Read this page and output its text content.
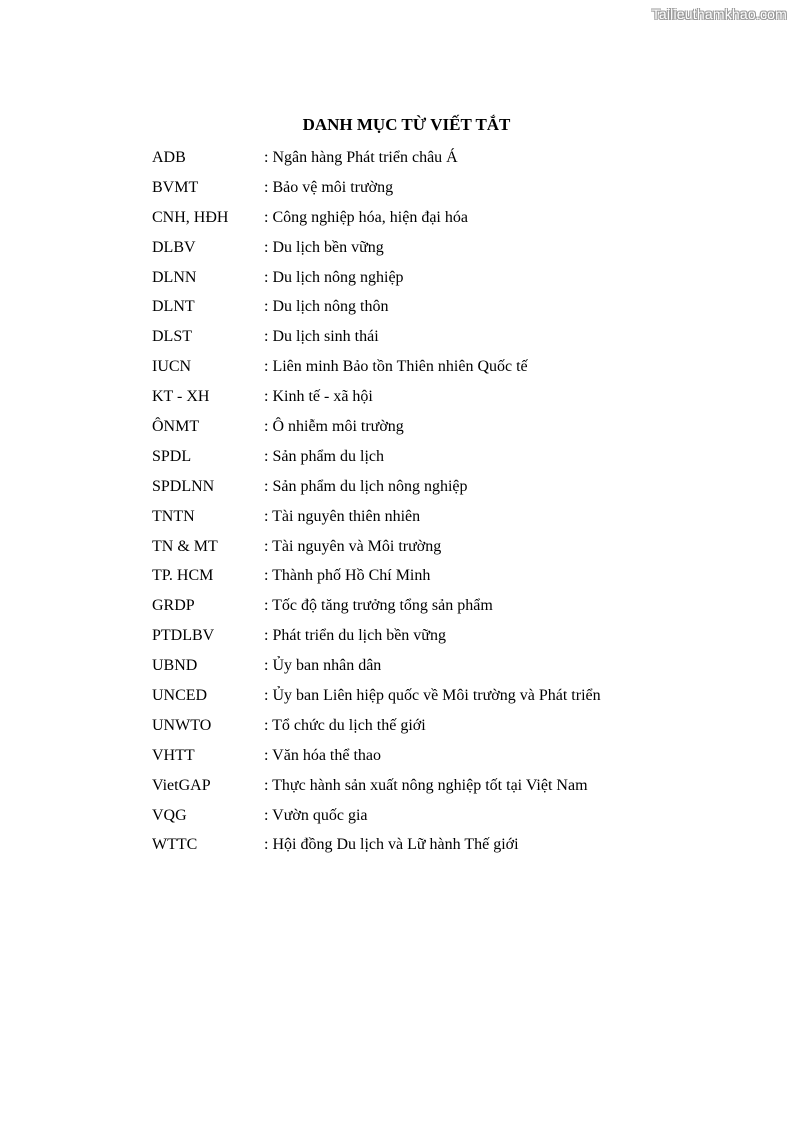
Tailieuthamkhao.com
DANH MỤC TỪ VIẾT TẮT
ADB	: Ngân hàng Phát triển châu Á
BVMT	: Bảo vệ môi trường
CNH, HĐH	: Công nghiệp hóa, hiện đại hóa
DLBV	: Du lịch bền vững
DLNN	: Du lịch nông nghiệp
DLNT	: Du lịch nông thôn
DLST	: Du lịch sinh thái
IUCN	: Liên minh Bảo tồn Thiên nhiên Quốc tế
KT - XH	: Kinh tế - xã hội
ÔNMT	: Ô nhiễm môi trường
SPDL	: Sản phẩm du lịch
SPDLNN	: Sản phẩm du lịch nông nghiệp
TNTN	: Tài nguyên thiên nhiên
TN & MT	: Tài nguyên và Môi trường
TP. HCM	: Thành phố Hồ Chí Minh
GRDP	: Tốc độ tăng trưởng tổng sản phẩm
PTDLBV	: Phát triển du lịch bền vững
UBND	: Ủy ban nhân dân
UNCED	: Ủy ban Liên hiệp quốc về Môi trường và Phát triển
UNWTO	: Tổ chức du lịch thế giới
VHTT	: Văn hóa thể thao
VietGAP	: Thực hành sản xuất nông nghiệp tốt tại Việt Nam
VQG	: Vườn quốc gia
WTTC	: Hội đồng Du lịch và Lữ hành Thế giới
